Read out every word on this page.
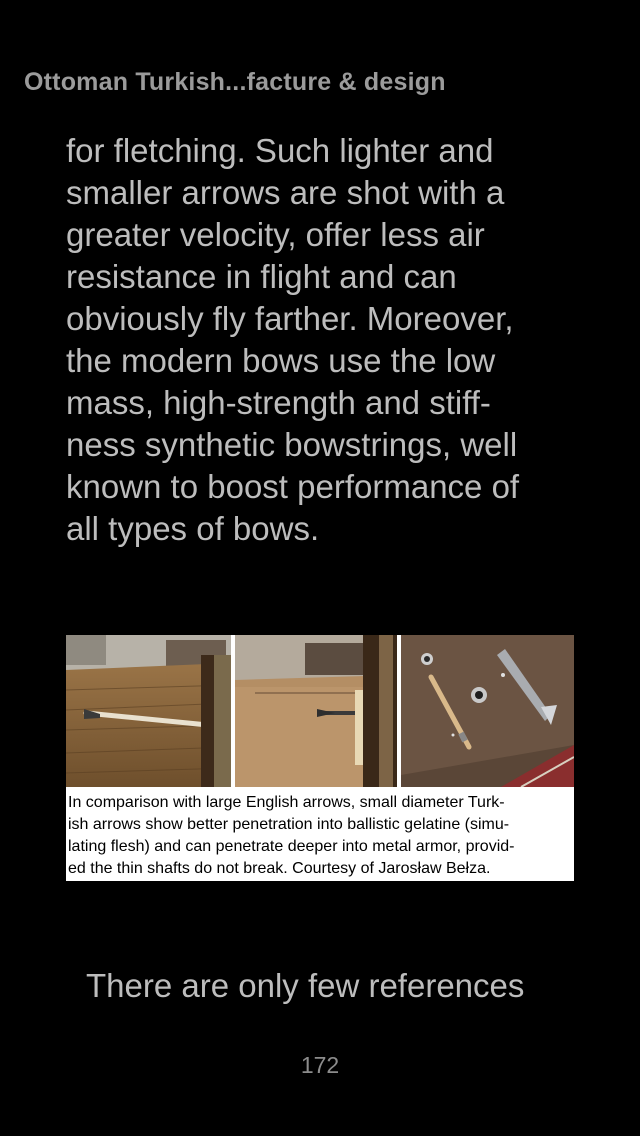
Ottoman Turkish...facture & design
for fletching. Such lighter and
smaller arrows are shot with a
greater velocity, offer less air
resistance in flight and can
obviously fly farther. Moreover,
the modern bows use the low
mass, high-strength and stiff-
ness synthetic bowstrings, well
known to boost performance of
all types of bows.
In comparison with large English arrows, small diameter Turk-
ish arrows show better penetration into ballistic gelatine (simu-
lating flesh) and can penetrate deeper into metal armor, provid-
ed the thin shafts do not break. Courtesy of Jarosław Bełza.
There are only few references
172
